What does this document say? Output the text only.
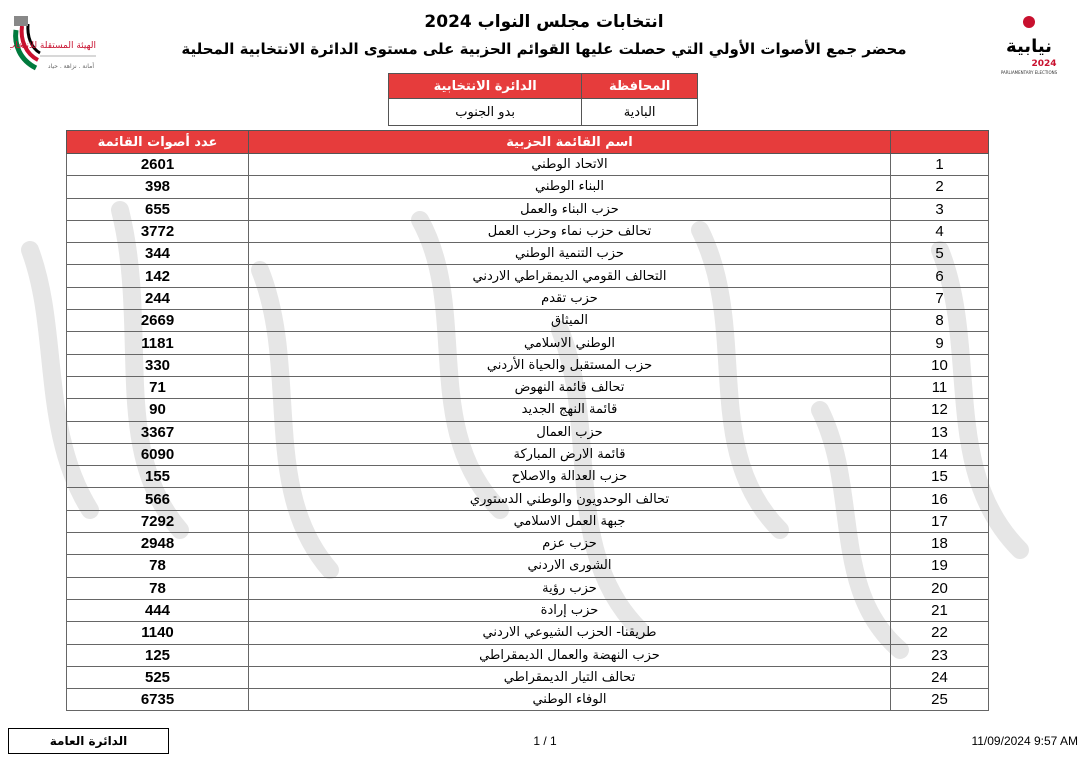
الهيئة المستقلة للانتخاب
أمانة . نزاهة . حياد
نيابية
2024
PARLIAMENTARY ELECTIONS
انتخابات مجلس النواب 2024
محضر جمع الأصوات الأولي التي حصلت عليها القوائم الحزبية على مستوى الدائرة الانتخابية المحلية
المحافظة	الدائرة الانتخابية
البادية	بدو الجنوب
	اسم القائمة الحزبية	عدد أصوات القائمة
1	الاتحاد الوطني	2601
2	البناء الوطني	398
3	حزب البناء والعمل	655
4	تحالف حزب نماء وحزب العمل	3772
5	حزب التنمية الوطني	344
6	التحالف القومي الديمقراطي الاردني	142
7	حزب تقدم	244
8	الميثاق	2669
9	الوطني الاسلامي	1181
10	حزب المستقبل والحياة الأردني	330
11	تحالف قائمة النهوض	71
12	قائمة النهج الجديد	90
13	حزب العمال	3367
14	قائمة الارض المباركة	6090
15	حزب العدالة والاصلاح	155
16	تحالف الوحدويون والوطني الدستوري	566
17	جبهة العمل الاسلامي	7292
18	حزب عزم	2948
19	الشورى الاردني	78
20	حزب رؤية	78
21	حزب إرادة	444
22	طريقنا- الحزب الشيوعي الاردني	1140
23	حزب النهضة والعمال الديمقراطي	125
24	تحالف التيار الديمقراطي	525
25	الوفاء الوطني	6735
الدائرة العامة	1 / 1	11/09/2024 9:57 AM
